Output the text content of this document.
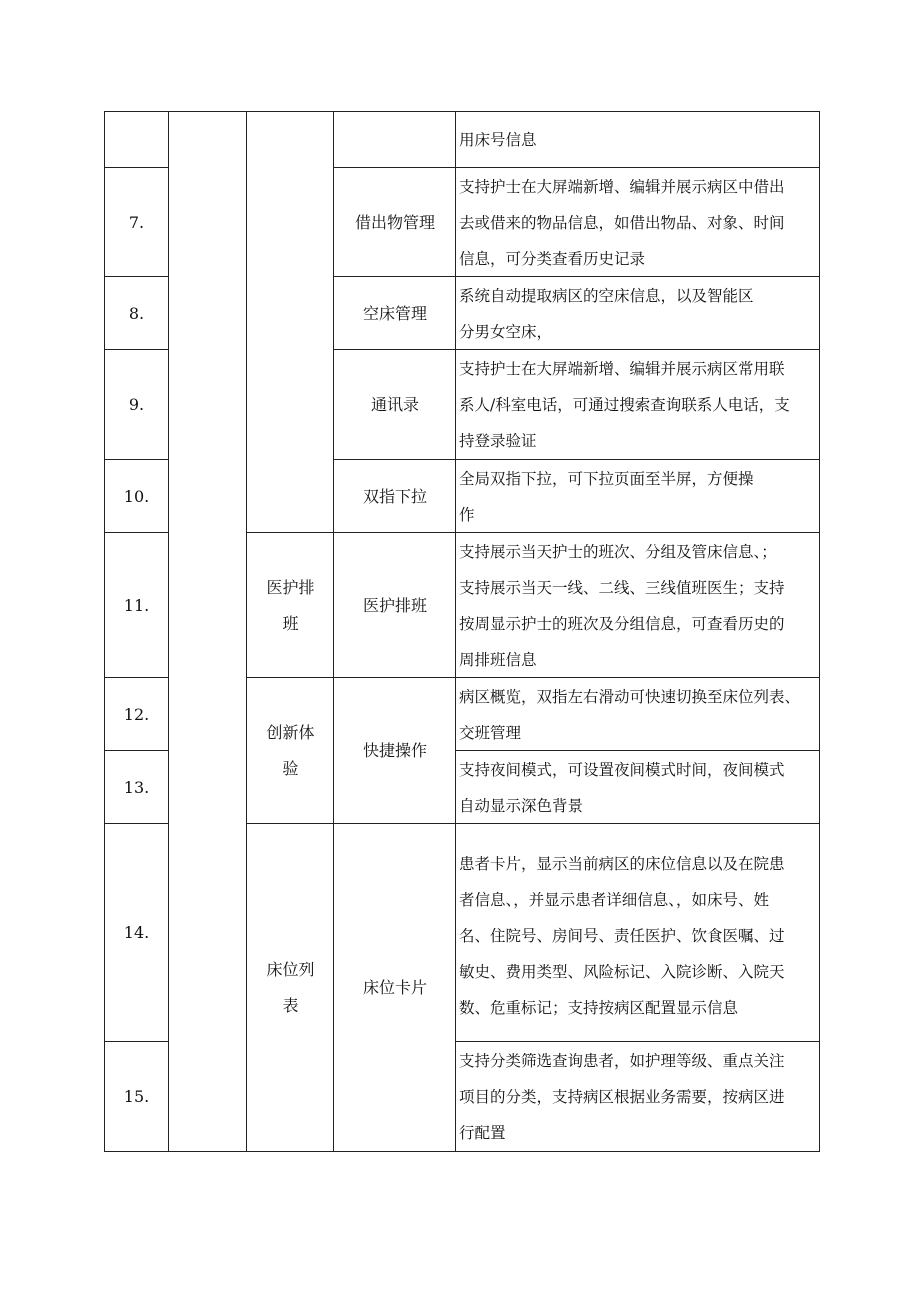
7.
8.
9.
10.
11.
12.
13.
14.
15.
医护排
班
创新体
验
床位列
表
借出物管理
空床管理
通讯录
双指下拉
医护排班
快捷操作
床位卡片
用床号信息
支持护士在大屏端新增、编辑并展示病区中借出
去或借来的物品信息，如借出物品、对象、时间
信息，可分类查看历史记录
系统自动提取病区的空床信息，以及智能区
分男女空床，
支持护士在大屏端新增、编辑并展示病区常用联
系人/科室电话，可通过搜索查询联系人电话，支
持登录验证
全局双指下拉，可下拉页面至半屏，方便操
作
支持展示当天护士的班次、分组及管床信息、；
支持展示当天一线、二线、三线值班医生；支持
按周显示护士的班次及分组信息，可查看历史的
周排班信息
病区概览，双指左右滑动可快速切换至床位列表、
交班管理
支持夜间模式，可设置夜间模式时间，夜间模式
自动显示深色背景
患者卡片，显示当前病区的床位信息以及在院患
者信息、，并显示患者详细信息、，如床号、姓
名、住院号、房间号、责任医护、饮食医嘱、过
敏史、费用类型、风险标记、入院诊断、入院天
数、危重标记；支持按病区配置显示信息
支持分类筛选查询患者，如护理等级、重点关注
项目的分类，支持病区根据业务需要，按病区进
行配置
